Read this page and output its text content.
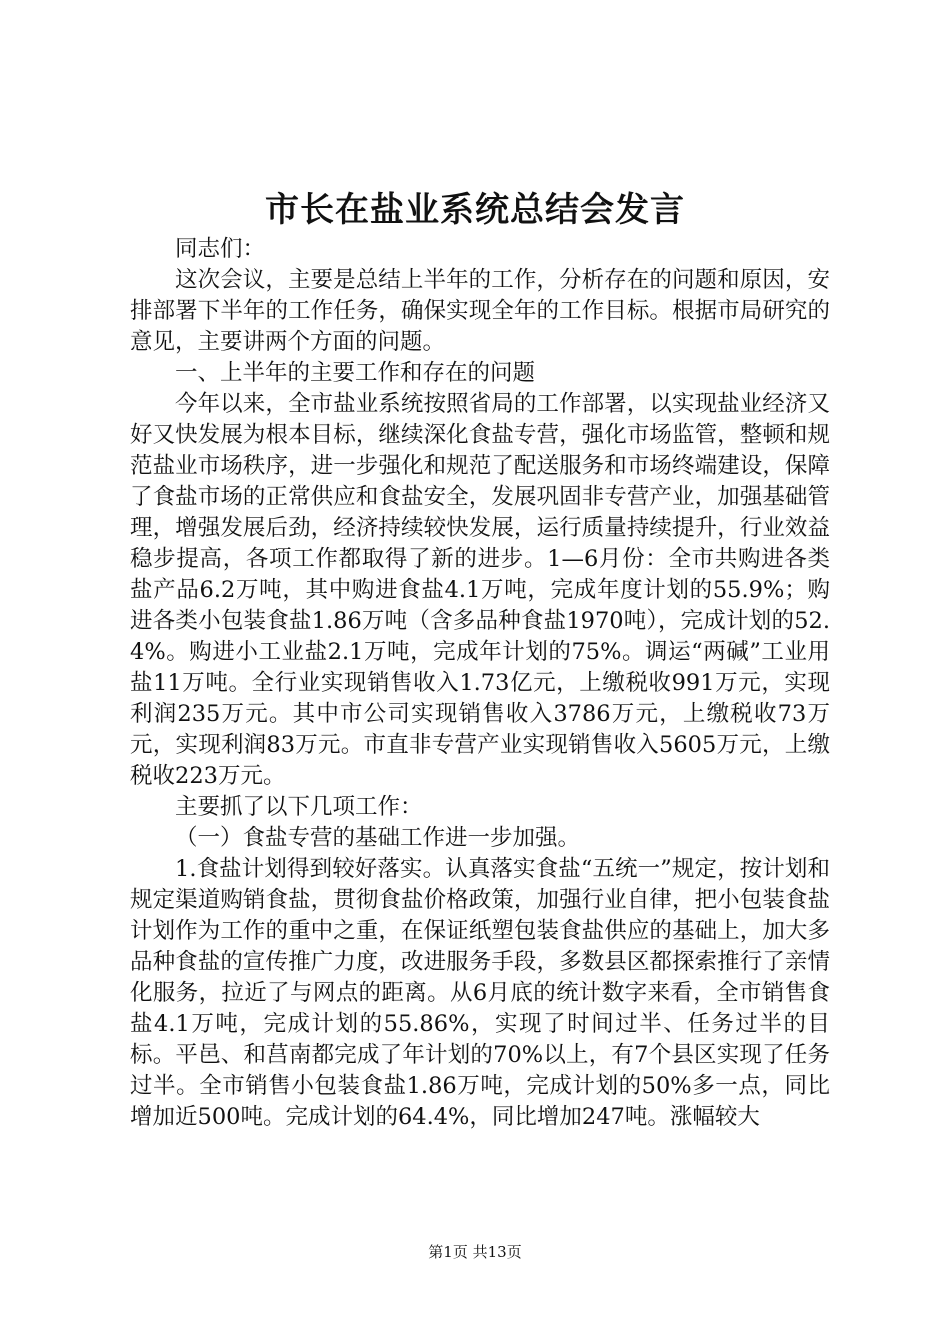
市长在盐业系统总结会发言

同志们：

这次会议，主要是总结上半年的工作，分析存在的问题和原因，安排部署下半年的工作任务，确保实现全年的工作目标。根据市局研究的意见，主要讲两个方面的问题。

一、上半年的主要工作和存在的问题

今年以来，全市盐业系统按照省局的工作部署，以实现盐业经济又好又快发展为根本目标，继续深化食盐专营，强化市场监管，整顿和规范盐业市场秩序，进一步强化和规范了配送服务和市场终端建设，保障了食盐市场的正常供应和食盐安全，发展巩固非专营产业，加强基础管理，增强发展后劲，经济持续较快发展，运行质量持续提升，行业效益稳步提高，各项工作都取得了新的进步。1—6月份：全市共购进各类盐产品6.2万吨，其中购进食盐4.1万吨，完成年度计划的55.9%；购进各类小包装食盐1.86万吨（含多品种食盐1970吨），完成计划的52.4%。购进小工业盐2.1万吨，完成年计划的75%。调运“两碱”工业用盐11万吨。全行业实现销售收入1.73亿元，上缴税收991万元，实现利润235万元。其中市公司实现销售收入3786万元，上缴税收73万元，实现利润83万元。市直非专营产业实现销售收入5605万元，上缴税收223万元。

主要抓了以下几项工作：

（一）食盐专营的基础工作进一步加强。

1.食盐计划得到较好落实。认真落实食盐“五统一”规定，按计划和规定渠道购销食盐，贯彻食盐价格政策，加强行业自律，把小包装食盐计划作为工作的重中之重，在保证纸塑包装食盐供应的基础上，加大多品种食盐的宣传推广力度，改进服务手段，多数县区都探索推行了亲情化服务，拉近了与网点的距离。从6月底的统计数字来看，全市销售食盐4.1万吨，完成计划的55.86%，实现了时间过半、任务过半的目标。平邑、和莒南都完成了年计划的70%以上，有7个县区实现了任务过半。全市销售小包装食盐1.86万吨，完成计划的50%多一点，同比增加近500吨。完成计划的64.4%，同比增加247吨。涨幅较大

第1页 共13页
